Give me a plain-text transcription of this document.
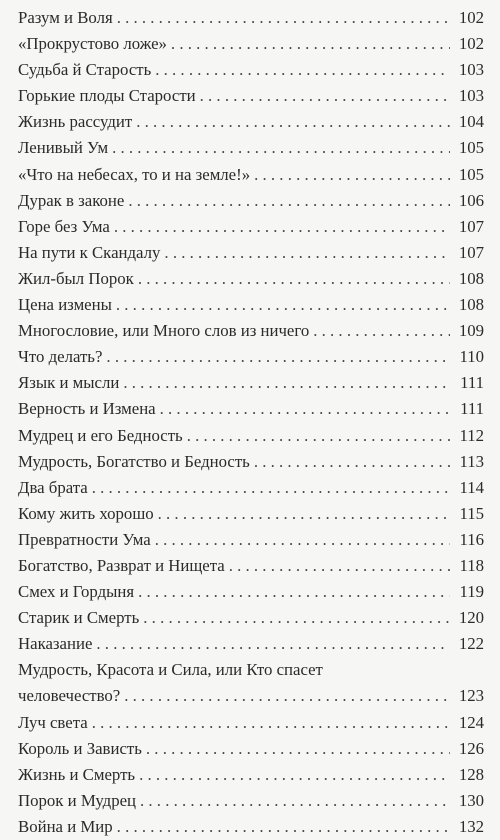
Разум и Воля . . .	102
«Прокрустово ложе» . . .	102
Судьба й Старость . . .	103
Горькие плоды Старости . . .	103
Жизнь рассудит . . .	104
Ленивый Ум . . .	105
«Что на небесах, то и на земле!» . . .	105
Дурак в законе . . .	106
Горе без Ума . . .	107
На пути к Скандалу . . .	107
Жил-был Порок . . .	108
Цена измены . . .	108
Многословие, или Много слов из ничего . . .	109
Что делать? . . .	110
Язык и мысли . . .	111
Верность и Измена . . .	111
Мудрец и его Бедность . . .	112
Мудрость, Богатство и Бедность . . .	113
Два брата . . .	114
Кому жить хорошо . . .	115
Превратности Ума . . .	116
Богатство, Разврат и Нищета . . .	118
Смех и Гордыня . . .	119
Старик и Смерть . . .	120
Наказание . . .	122
Мудрость, Красота и Сила, или Кто спасет
человечество? . . .	123
Луч света . . .	124
Король и Зависть . . .	126
Жизнь и Смерть . . .	128
Порок и Мудрец . . .	130
Война и Мир . . .	132
